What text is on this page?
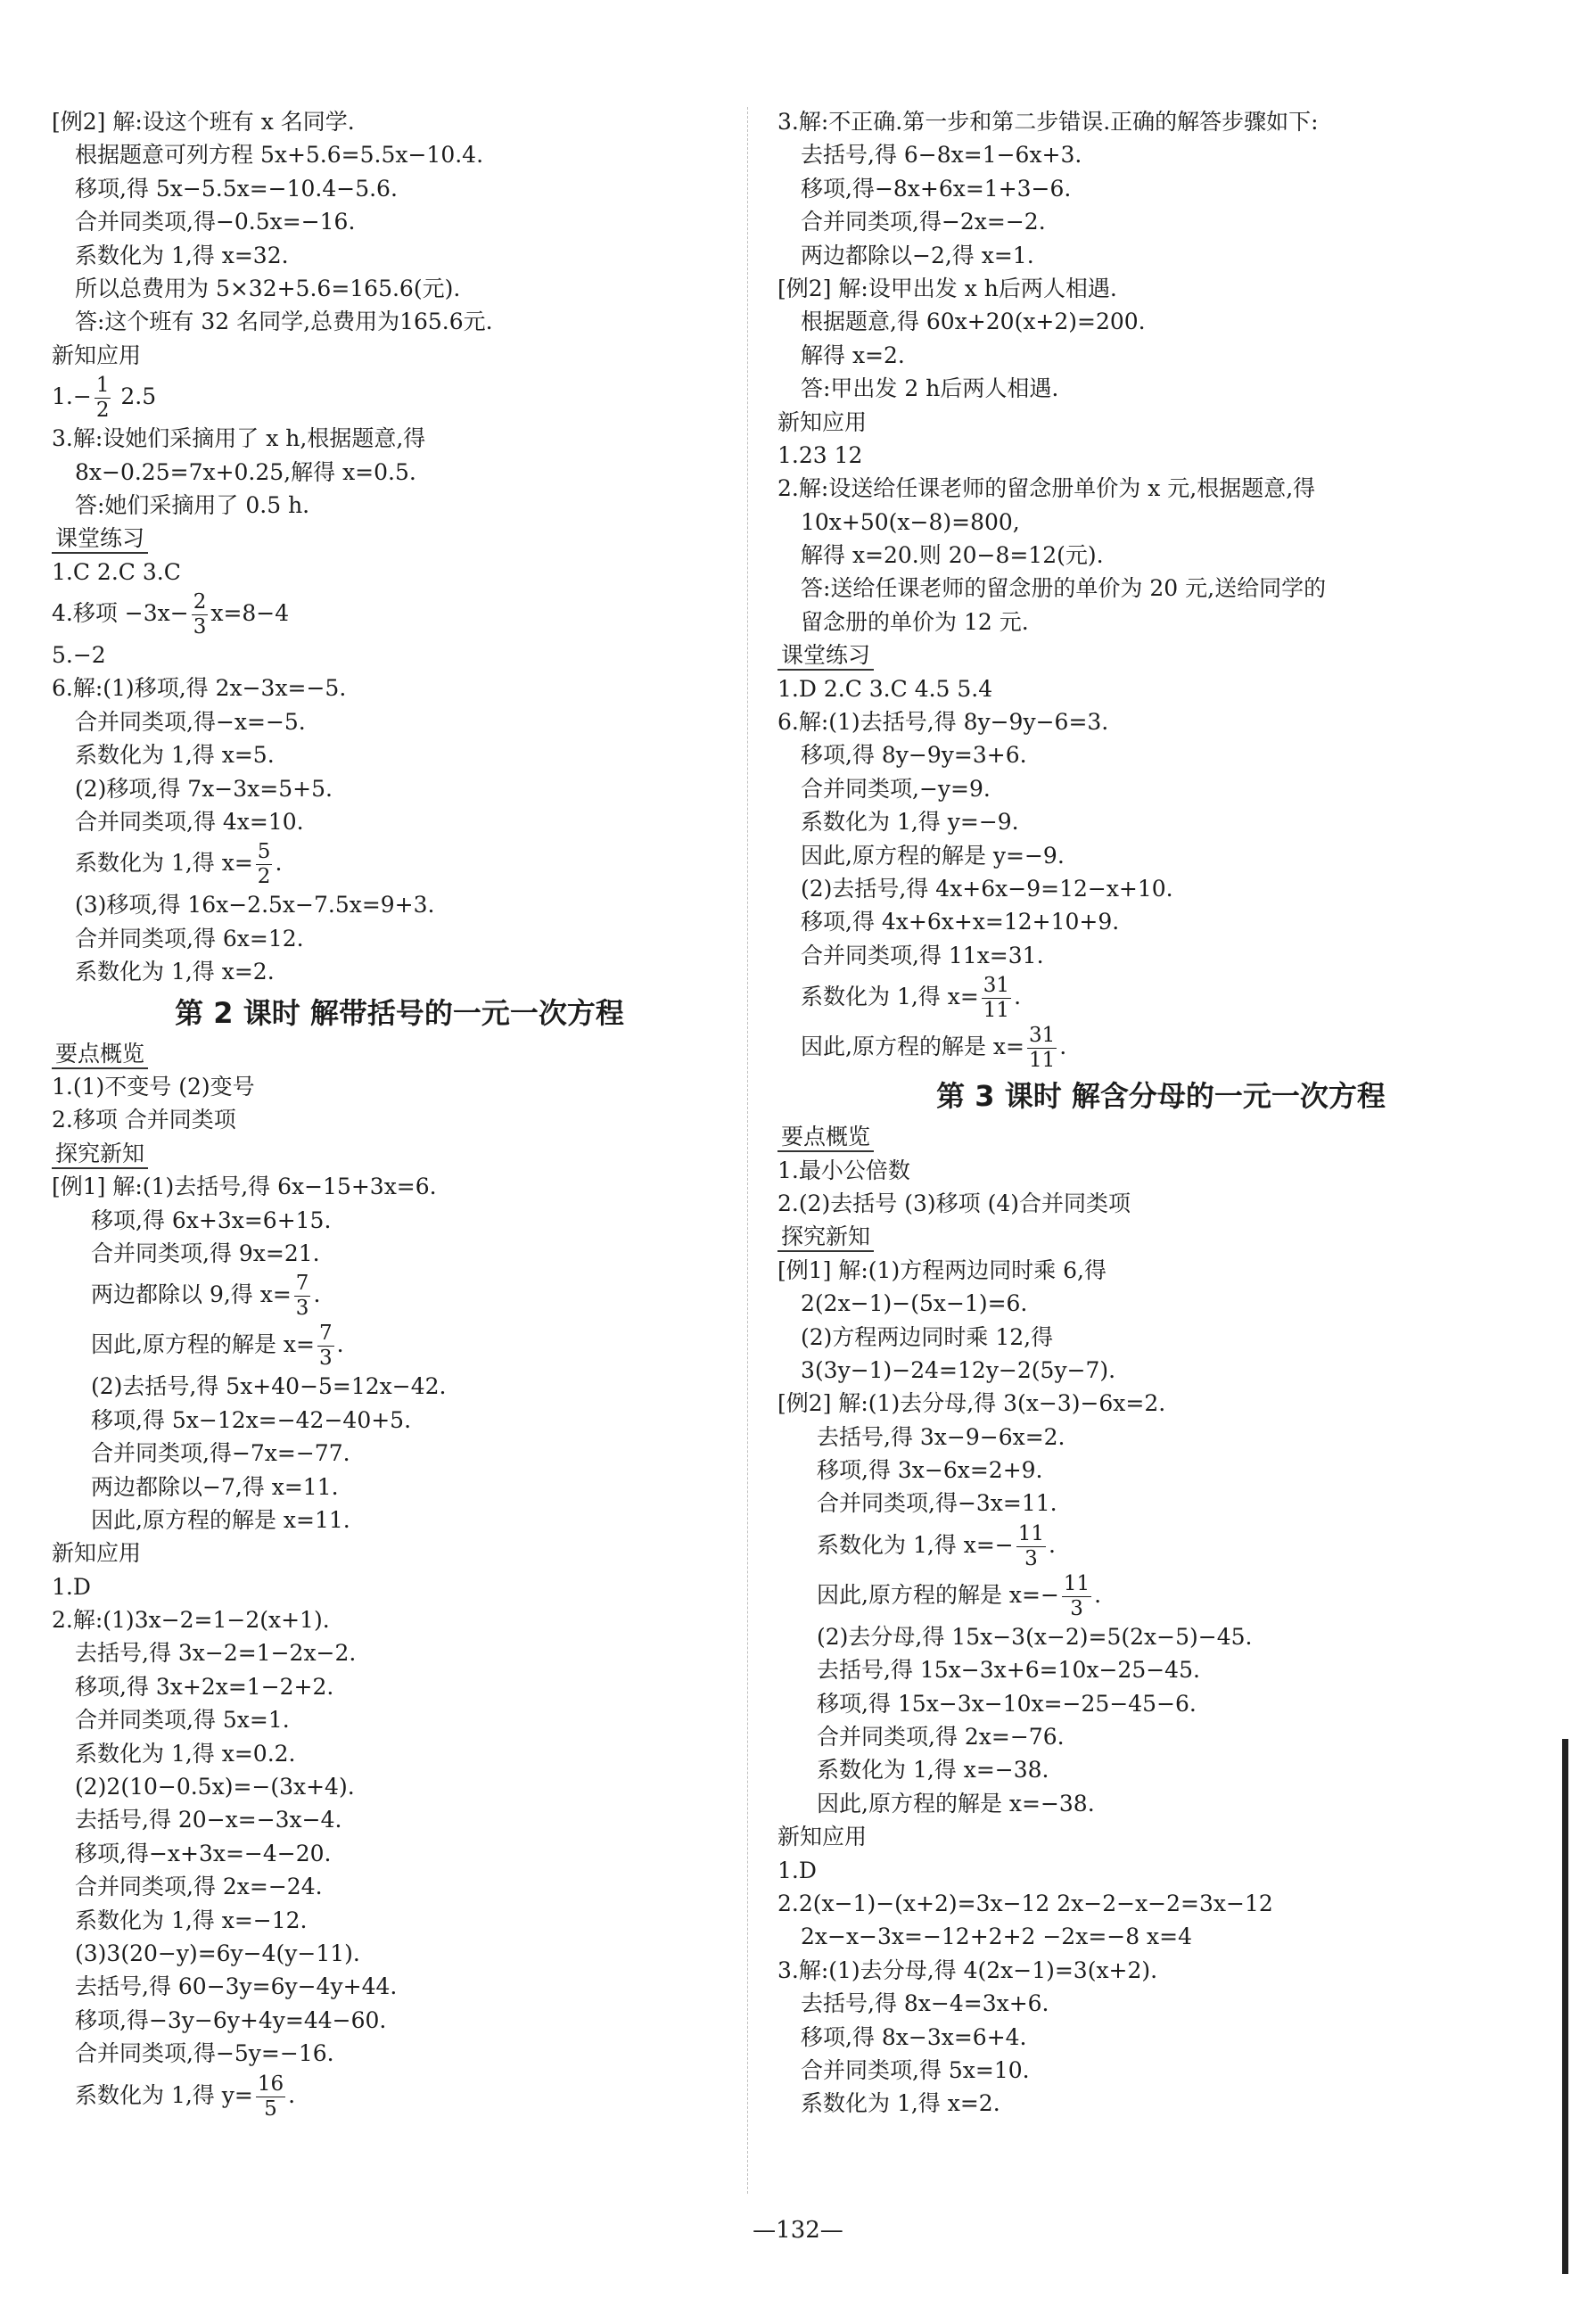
[例2] 解:设这个班有 x 名同学.
根据题意可列方程 5x+5.6=5.5x−10.4.
移项,得 5x−5.5x=−10.4−5.6.
合并同类项,得−0.5x=−16.
系数化为 1,得 x=32.
所以总费用为 5×32+5.6=165.6(元).
答:这个班有 32 名同学,总费用为165.6元.
新知应用
$1.- \frac{1}{2} 2.5$
3.解:设她们采摘用了 x h,根据题意,得
8x−0.25=7x+0.25,解得 x=0.5.
答:她们采摘用了 0.5 h.
课堂练习
1.C 2.C 3.C
4.移项 $-3x- \frac{2}{3} x=8-4$
5.−2
6.解:(1)移项,得 2x−3x=−5.
合并同类项,得−x=−5.
系数化为 1,得 x=5.
(2)移项,得 7x−3x=5+5.
合并同类项,得 4x=10.
系数化为 1,得 $x= \frac{5}{2}$ .
(3)移项,得 16x−2.5x−7.5x=9+3.
合并同类项,得 6x=12.
系数化为 1,得 x=2.
第 2 课时 解带括号的一元一次方程
要点概览
1.(1)不变号 (2)变号
2.移项 合并同类项
探究新知
[例1] 解:(1)去括号,得 6x−15+3x=6.
移项,得 6x+3x=6+15.
合并同类项,得 9x=21.
两边都除以 9,得 $x= \frac{7}{3}$ .
因此,原方程的解是 $x= \frac{7}{3}$ .
(2)去括号,得 5x+40−5=12x−42.
移项,得 5x−12x=−42−40+5.
合并同类项,得−7x=−77.
两边都除以−7,得 x=11.
因此,原方程的解是 x=11.
新知应用
1.D
2.解:(1)3x−2=1−2(x+1).
去括号,得 3x−2=1−2x−2.
移项,得 3x+2x=1−2+2.
合并同类项,得 5x=1.
系数化为 1,得 x=0.2.
(2)2(10−0.5x)=−(3x+4).
去括号,得 20−x=−3x−4.
移项,得−x+3x=−4−20.
合并同类项,得 2x=−24.
系数化为 1,得 x=−12.
(3)3(20−y)=6y−4(y−11).
去括号,得 60−3y=6y−4y+44.
移项,得−3y−6y+4y=44−60.
合并同类项,得−5y=−16.
系数化为 1,得 $y= \frac{16}{5}$ .
3.解:不正确.第一步和第二步错误.正确的解答步骤如下:
去括号,得 6−8x=1−6x+3.
移项,得−8x+6x=1+3−6.
合并同类项,得−2x=−2.
两边都除以−2,得 x=1.
[例2] 解:设甲出发 x h后两人相遇.
根据题意,得 60x+20(x+2)=200.
解得 x=2.
答:甲出发 2 h后两人相遇.
新知应用
1.23 12
2.解:设送给任课老师的留念册单价为 x 元,根据题意,得
10x+50(x−8)=800,
解得 x=20.则 20−8=12(元).
答:送给任课老师的留念册的单价为 20 元,送给同学的
留念册的单价为 12 元.
课堂练习
1.D 2.C 3.C 4.5 5.4
6.解:(1)去括号,得 8y−9y−6=3.
移项,得 8y−9y=3+6.
合并同类项,−y=9.
系数化为 1,得 y=−9.
因此,原方程的解是 y=−9.
(2)去括号,得 4x+6x−9=12−x+10.
移项,得 4x+6x+x=12+10+9.
合并同类项,得 11x=31.
系数化为 1,得 $x= \frac{31}{11}$ .
因此,原方程的解是 $x= \frac{31}{11}$ .
第 3 课时 解含分母的一元一次方程
要点概览
1.最小公倍数
2.(2)去括号 (3)移项 (4)合并同类项
探究新知
[例1] 解:(1)方程两边同时乘 6,得
2(2x−1)−(5x−1)=6.
(2)方程两边同时乘 12,得
3(3y−1)−24=12y−2(5y−7).
[例2] 解:(1)去分母,得 3(x−3)−6x=2.
去括号,得 3x−9−6x=2.
移项,得 3x−6x=2+9.
合并同类项,得−3x=11.
系数化为 1,得 $x=- \frac{11}{3}$ .
因此,原方程的解是 $x=- \frac{11}{3}$ .
(2)去分母,得 15x−3(x−2)=5(2x−5)−45.
去括号,得 15x−3x+6=10x−25−45.
移项,得 15x−3x−10x=−25−45−6.
合并同类项,得 2x=−76.
系数化为 1,得 x=−38.
因此,原方程的解是 x=−38.
新知应用
1.D
2.2(x−1)−(x+2)=3x−12 2x−2−x−2=3x−12
2x−x−3x=−12+2+2 −2x=−8 x=4
3.解:(1)去分母,得 4(2x−1)=3(x+2).
去括号,得 8x−4=3x+6.
移项,得 8x−3x=6+4.
合并同类项,得 5x=10.
系数化为 1,得 x=2.
—132—
